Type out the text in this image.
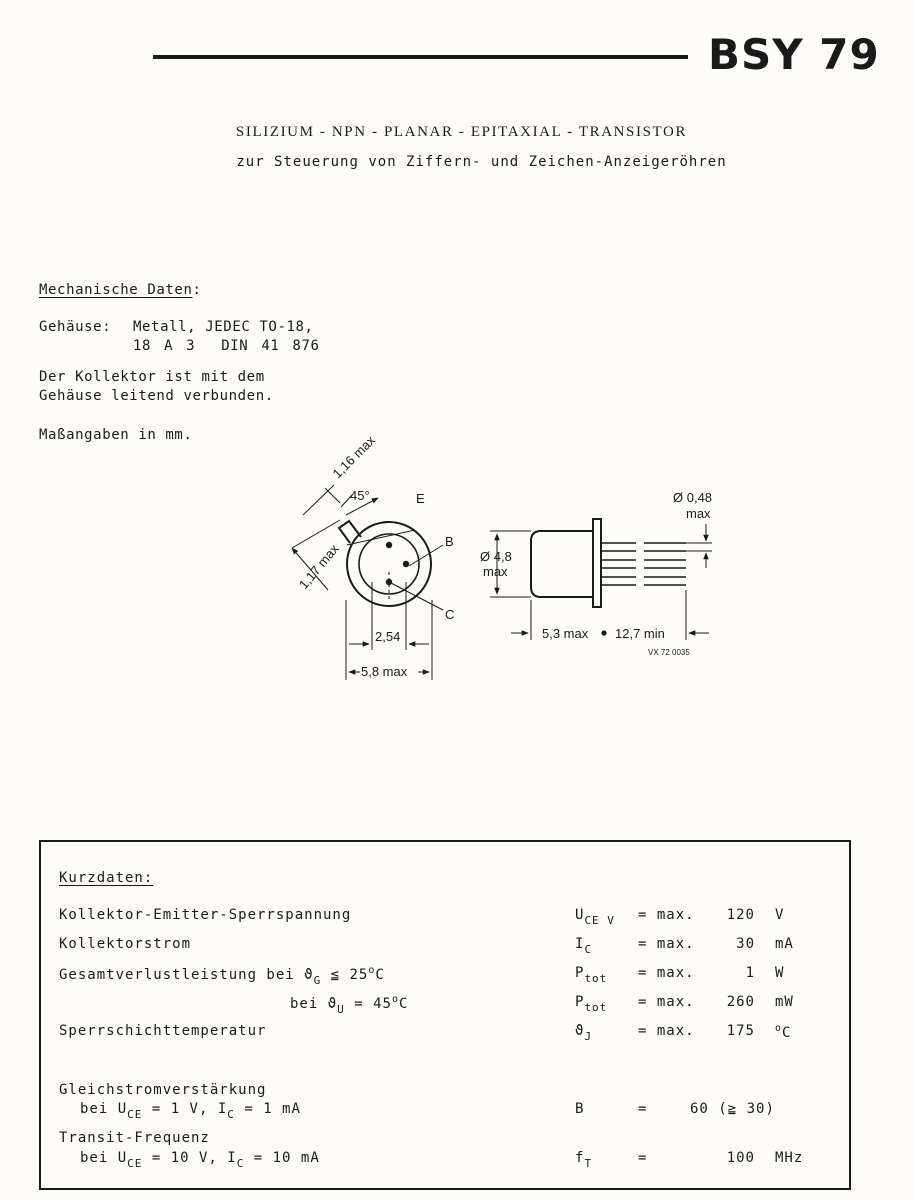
BSY 79
SILIZIUM - NPN - PLANAR - EPITAXIAL - TRANSISTOR
zur Steuerung von Ziffern- und Zeichen-Anzeigeröhren
Mechanische Daten:
Gehäuse: Metall, JEDEC TO-18,
18 A 3  DIN 41 876
Der Kollektor ist mit dem
Gehäuse leitend verbunden.
Maßangaben in mm.	1,16 max
45°
1,17 max
E
B
C
2,54
5,8 max
Ø 4,8
max
Ø 0,48
max
5,3 max 12,7 min
VX 72 0035
Kurzdaten:
Kollektor-Emitter-Sperrspannung	$U_{CE V} = \max$.	120 V
Kollektorstrom	$I_C$	= max.	30 mA
Gesamtverlustleistung bei $ϑ_G$ ≦ 25$^o$C	$P_{tot} = \max$.	1 W
bei $ϑ_U = 45^oC$	$P_{tot} = \max$.	260 mW
Sperrschichttemperatur	$ϑ_J$	= max.	175 $^o$C
Gleichstromverstärkung
bei $U_{CE} = 1$ V, $I_C = 1$ mA	B	=	60 (≧ 30)
Transit-Frequenz
bei $U_{CE} = 10$ V, $I_C = 10$ mA	$f_T$	=	100 MHz
